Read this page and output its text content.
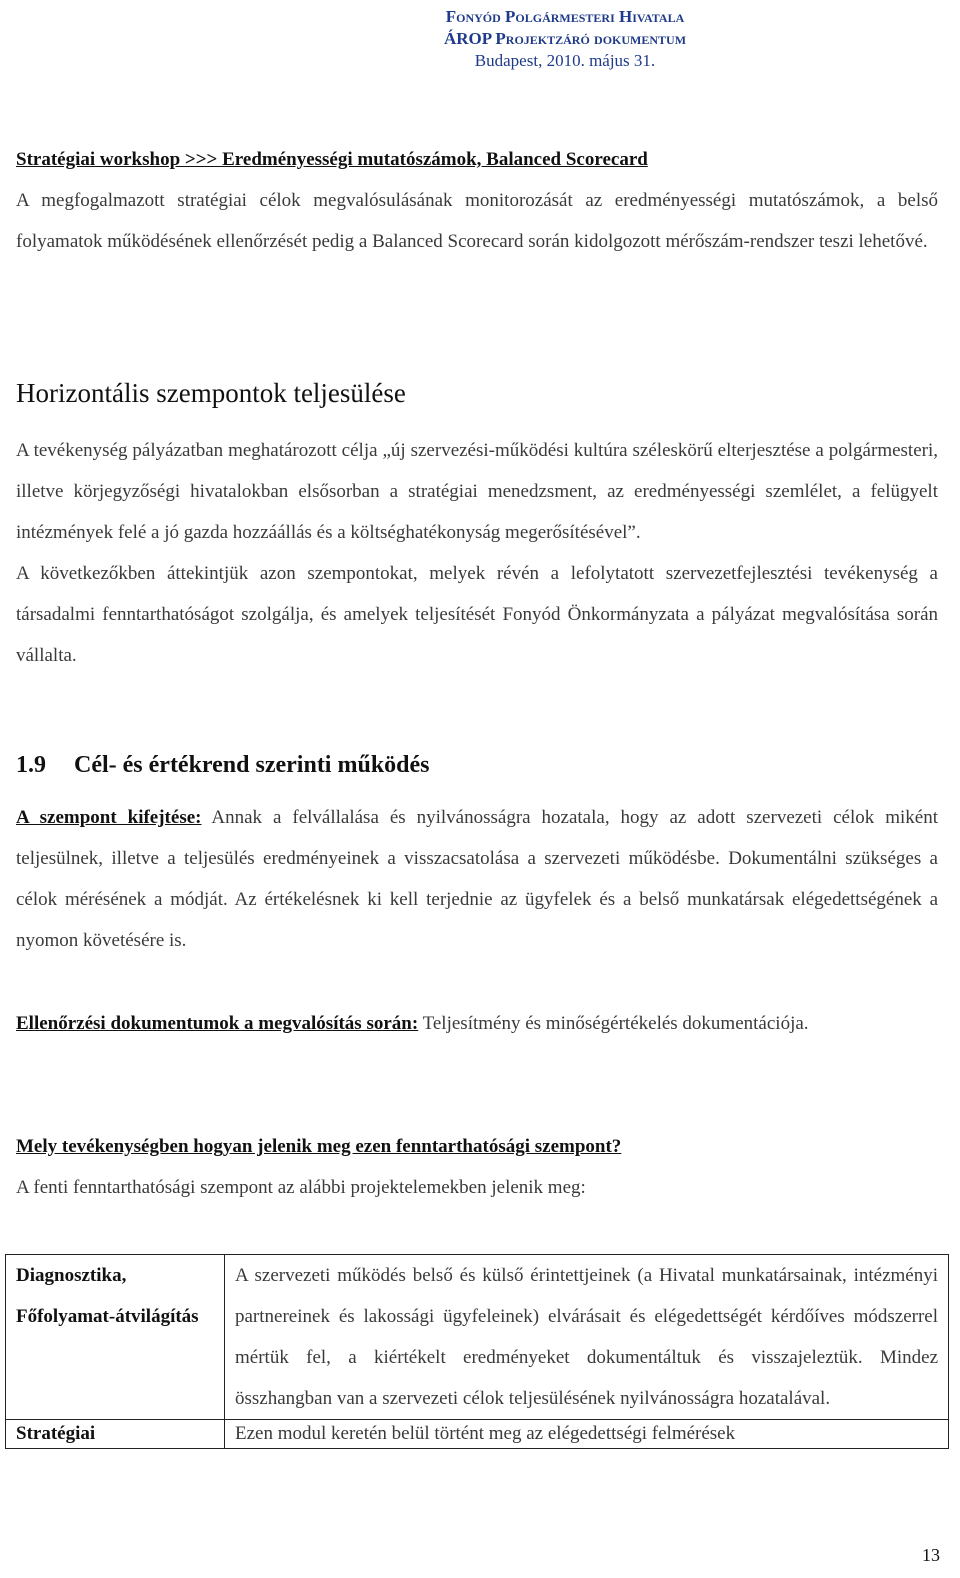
Fonyód Polgármesteri Hivatala
ÁROP Projektzáró dokumentum
Budapest, 2010. május 31.

Stratégiai workshop >>> Eredményességi mutatószámok, Balanced Scorecard

A megfogalmazott stratégiai célok megvalósulásának monitorozását az eredményességi mutatószámok, a belső folyamatok működésének ellenőrzését pedig a Balanced Scorecard során kidolgozott mérőszám-rendszer teszi lehetővé.

Horizontális szempontok teljesülése

A tevékenység pályázatban meghatározott célja „új szervezési-működési kultúra széleskörű elterjesztése a polgármesteri, illetve körjegyzőségi hivatalokban elsősorban a stratégiai menedzsment, az eredményességi szemlélet, a felügyelt intézmények felé a jó gazda hozzáállás és a költséghatékonyság megerősítésével”.

A következőkben áttekintjük azon szempontokat, melyek révén a lefolytatott szervezetfejlesztési tevékenység a társadalmi fenntarthatóságot szolgálja, és amelyek teljesítését Fonyód Önkormányzata a pályázat megvalósítása során vállalta.

1.9 Cél- és értékrend szerinti működés

A szempont kifejtése: Annak a felvállalása és nyilvánosságra hozatala, hogy az adott szervezeti célok miként teljesülnek, illetve a teljesülés eredményeinek a visszacsatolása a szervezeti működésbe. Dokumentálni szükséges a célok mérésének a módját. Az értékelésnek ki kell terjednie az ügyfelek és a belső munkatársak elégedettségének a nyomon követésére is.

Ellenőrzési dokumentumok a megvalósítás során: Teljesítmény és minőségértékelés dokumentációja.

Mely tevékenységben hogyan jelenik meg ezen fenntarthatósági szempont?

A fenti fenntarthatósági szempont az alábbi projektelemekben jelenik meg:

Diagnosztika, Főfolyamat-átvilágítás	A szervezeti működés belső és külső érintettjeinek (a Hivatal munkatársainak, intézményi partnereinek és lakossági ügyfeleinek) elvárásait és elégedettségét kérdőíves módszerrel mértük fel, a kiértékelt eredményeket dokumentáltuk és visszajeleztük. Mindez összhangban van a szervezeti célok teljesülésének nyilvánosságra hozatalával.
Stratégiai	Ezen modul keretén belül történt meg az elégedettségi felmérések
13
